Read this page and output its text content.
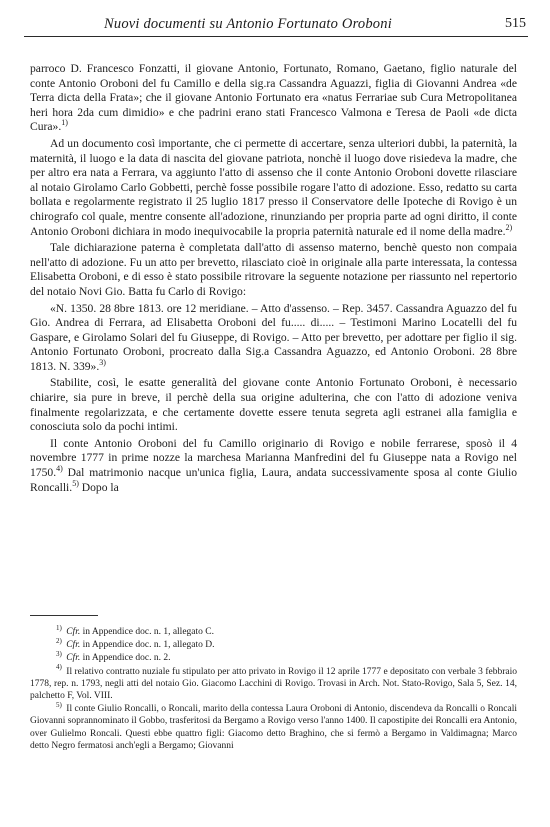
Nuovi documenti su Antonio Fortunato Oroboni	515

parroco D. Francesco Fonzatti, il giovane Antonio, Fortunato, Romano, Gaetano, figlio naturale del conte Antonio Oroboni del fu Camillo e della sig.ra Cassandra Aguazzi, figlia di Giovanni Andrea «de Terra dicta della Frata»; che il giovane Antonio Fortunato era «natus Ferrariae sub Cura Metropolitanea heri hora 2da cum dimidio» e che padrini erano stati Francesco Valmona e Teresa de Paoli «de dicta Cura».$^{1)}$

Ad un documento così importante, che ci permette di accertare, senza ulteriori dubbi, la paternità, la maternità, il luogo e la data di nascita del giovane patriota, nonchè il luogo dove risiedeva la madre, che per altro era nata a Ferrara, va aggiunto l'atto di assenso che il conte Antonio Oroboni dovette rilasciare al notaio Girolamo Carlo Gobbetti, perchè fosse possibile rogare l'atto di adozione. Esso, redatto su carta bollata e regolarmente registrato il 25 luglio 1817 presso il Conservatore delle Ipoteche di Rovigo è un chirografo col quale, mentre consente all'adozione, rinunziando per propria parte ad ogni diritto, il conte Antonio Oroboni dichiara in modo inequivocabile la propria paternità naturale ed il nome della madre.$^{2)}$

Tale dichiarazione paterna è completata dall'atto di assenso materno, benchè questo non compaia nell'atto di adozione. Fu un atto per brevetto, rilasciato cioè in originale alla parte interessata, la contessa Elisabetta Oroboni, e di esso è stato possibile ritrovare la seguente notazione per riassunto nel repertorio del notaio Novi Gio. Batta fu Carlo di Rovigo:

«N. 1350. 28 8bre 1813. ore 12 meridiane. – Atto d'assenso. – Rep. 3457. Cassandra Aguazzo del fu Gio. Andrea di Ferrara, ad Elisabetta Oroboni del fu..... di..... – Testimoni Marino Locatelli del fu Gaspare, e Girolamo Solari del fu Giuseppe, di Rovigo. – Atto per brevetto, per adottare per figlio il sig. Antonio Fortunato Oroboni, procreato dalla Sig.a Cassandra Aguazzo, ed Antonio Oroboni. 28 8bre 1813. N. 339».$^{3)}$

Stabilite, così, le esatte generalità del giovane conte Antonio Fortunato Oroboni, è necessario chiarire, sia pure in breve, il perchè della sua origine adulterina, che con l'atto di adozione veniva finalmente regolarizzata, e che certamente dovette essere tenuta segreta agli estranei alla famiglia e conosciuta solo da pochi intimi.

Il conte Antonio Oroboni del fu Camillo originario di Rovigo e nobile ferrarese, sposò il 4 novembre 1777 in prime nozze la marchesa Marianna Manfredini del fu Giuseppe nata a Rovigo nel 1750.$^{4)}$ Dal matrimonio nacque un'unica figlia, Laura, andata successivamente sposa al conte Giulio Roncalli.$^{5)}$ Dopo la

$^{1)}$ Cfr. in Appendice doc. n. 1, allegato C.

$^{2)}$ Cfr. in Appendice doc. n. 1, allegato D.

$^{3)}$ Cfr. in Appendice doc. n. 2.

$^{4)}$ Il relativo contratto nuziale fu stipulato per atto privato in Rovigo il 12 aprile 1777 e depositato con verbale 3 febbraio 1778, rep. n. 1793, negli atti del notaio Gio. Giacomo Lacchini di Rovigo. Trovasi in Arch. Not. Stato-Rovigo, Sala 5, Sez. 14, palchetto F, Vol. VIII.

$^{5)}$ Il conte Giulio Roncalli, o Roncali, marito della contessa Laura Oroboni di Antonio, discendeva da Roncalli o Roncali Giovanni soprannominato il Gobbo, trasferitosi da Bergamo a Rovigo verso l'anno 1400. Il capostipite dei Roncalli era Antonio, over Gulielmo Roncali. Questi ebbe quattro figli: Giacomo detto Braghino, che si fermò a Bergamo in Valdimagna; Marco detto Negro fermatosi anch'egli a Bergamo; Giovanni
